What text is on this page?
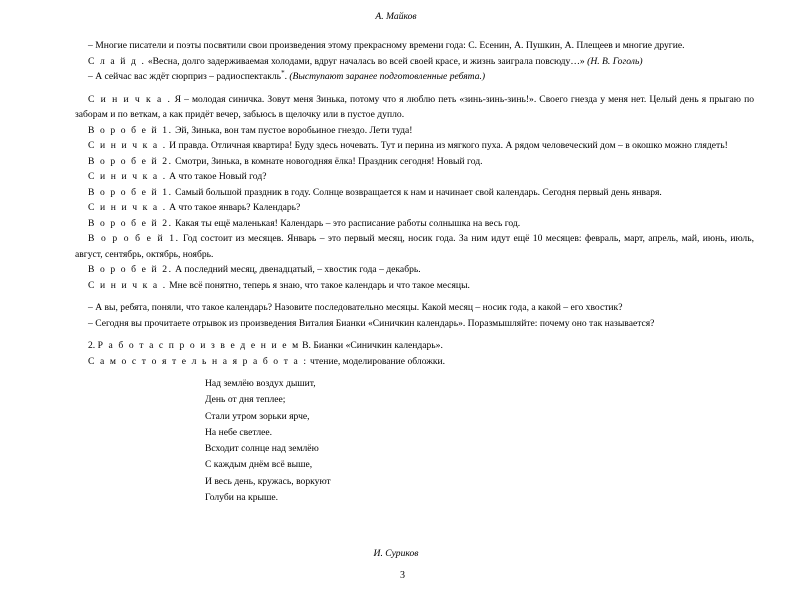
А. Майков

– Многие писатели и поэты посвятили свои произведения этому прекрасному времени года: С. Есенин, А. Пушкин, А. Плещеев и многие другие.

С л а й д . «Весна, долго задерживаемая холодами, вдруг началась во всей своей красе, и жизнь заиграла повсюду…» (Н. В. Гоголь)

– А сейчас вас ждёт сюрприз – радиоспектакль*. (Выступают заранее подготовленные ребята.)

С и н и ч к а . Я – молодая синичка. Зовут меня Зинька, потому что я люблю петь «зинь-зинь-зинь!». Своего гнезда у меня нет. Целый день я прыгаю по заборам и по веткам, а как придёт вечер, забьюсь в щелочку или в пустое дупло.

В о р о б е й 1. Эй, Зинька, вон там пустое воробьиное гнездо. Лети туда!

С и н и ч к а . И правда. Отличная квартира! Буду здесь ночевать. Тут и перина из мягкого пуха. А рядом человеческий дом – в окошко можно глядеть!

В о р о б е й 2. Смотри, Зинька, в комнате новогодняя ёлка! Праздник сегодня! Новый год.

С и н и ч к а . А что такое Новый год?

В о р о б е й 1. Самый большой праздник в году. Солнце возвращается к нам и начинает свой календарь. Сегодня первый день января.

С и н и ч к а . А что такое январь? Календарь?

В о р о б е й 2. Какая ты ещё маленькая! Календарь – это расписание работы солнышка на весь год.

В о р о б е й 1. Год состоит из месяцев. Январь – это первый месяц, носик года. За ним идут ещё 10 месяцев: февраль, март, апрель, май, июнь, июль, август, сентябрь, октябрь, ноябрь.

В о р о б е й 2. А последний месяц, двенадцатый, – хвостик года – декабрь.

С и н и ч к а . Мне всё понятно, теперь я знаю, что такое календарь и что такое месяцы.

– А вы, ребята, поняли, что такое календарь? Назовите последовательно месяцы. Какой месяц – носик года, а какой – его хвостик?

– Сегодня вы прочитаете отрывок из произведения Виталия Бианки «Синичкин календарь». Поразмышляйте: почему оно так называется?

2. Р а б о т а с п р о и з в е д е н и е м В. Бианки «Синичкин календарь».

С а м о с т о я т е л ь н а я р а б о т а : чтение, моделирование обложки.

Над землёю воздух дышит,

День от дня теплее;

Стали утром зорьки ярче,

На небе светлее.

Всходит солнце над землёю

С каждым днём всё выше,

И весь день, кружась, воркуют

Голуби на крыше.

И. Суриков
3
